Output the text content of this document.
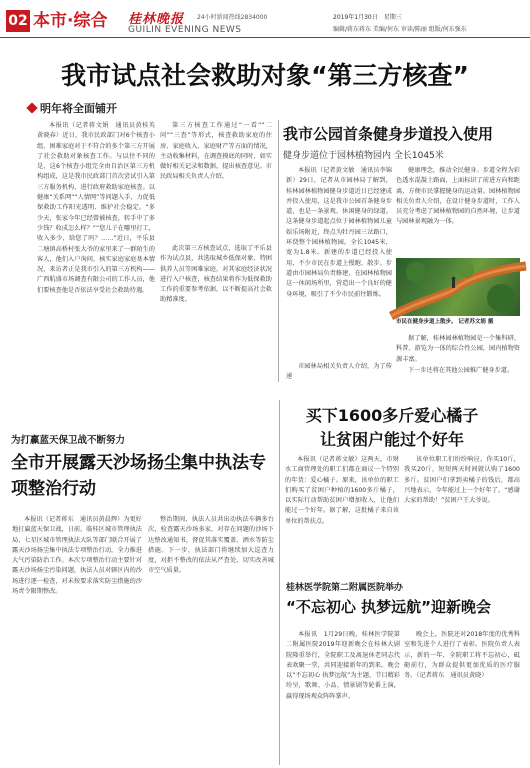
02 本市·综合 桂林晚报 24小时新闻热线2834000
GUILIN EVENING NEWS
2019年1月30日　星期三
编辑/蒋东蒋东 美编/何东 审读/陈丽 组版/何东强东
我市试点社会救助对象“第三方核查”
明年将全面铺开
本报讯（记者蒋文娟　通讯员黄桂英　黄晓春）近日，我市民政部门对6个核查小组、困难家庭对于不符合的多个第三方开展了社会救助对象核查工作。与以往不同的是，这6个核查小组完全由自治区第三方机构组成，这是我市民政部门首次尝试引入第三方服务机构，进行政府救助家庭核查。以健康“关系网”“人情网”等问题入手，力促低保救助工作阳光透明、维护社会稳定。“多少天，张家今年已经曾被核查，转手中了多少钱？收成怎么样？”“您儿子在哪里打工，收入多少，给您了吗？……”近日，平乐县二塘镇高桥村张大爷的家里来了一群陌生的客人，他们入户询问、核实家庭家庭基本情况，来访者正是我市引入的第三方机构——广西航盛市场调查有限公司的工作人员，他们要核查他是否依法享受社会救助待遇。
第三方核查工作通过“一看”“二问”“三查”等形式，核查救助家庭的住房、家庭收入、家庭财产等方面的情况，主动收集材料，在调查摸底的同时，如实做好相关记录和数据，提出核查意见。市民政局相关负责人介绍，
此次第三方核查试点，选取了平乐县作为试点县，共选取城乡低保对象、特困供养人员等困难家庭，对其家庭经济状况进行入户核查，核查结果将作为低保救助工作的重要参考依据，以不断提高社会救助精准度。
我市公园首条健身步道投入使用
健身步道位于园林植物园内 全长1045米
本报讯（记者黄文敏　通讯员李锦新）29日，记者从市园林局了解到，桂林园林植物园健身步道近日已经建成并投入使用，这是我市公园首条健身步道，也是一条景观、休闲健身的绿道。这条健身步道起点位于园林植物园儿童娱乐场附近，终点为牡丹园三岔路口，环绕整个园林植物园，全长1045米，宽为1.8米。新建的步道已经投入使用，不少市民在步道上慢跑、散步。步道由市园林局负责修建，在园林植物园这一休闲场所里，营造出一个良好的健身环境，吸引了不少市民前往锻炼。
健康理念，推动全民健身。步道全程为彩色透水混凝土路面，上面标识了前进方向和距离，方便市民掌握健身的运动量。园林植物园相关负责人介绍，在设计健身步道时，工作人员充分考虑了园林植物园的自然环境，让步道与园林景观融为一体。
市民在健身步道上散步。 记者苏文娟 摄
据了解，桂林园林植物园是一个集科研、科普、游览为一体的综合性公园，园内植物资源丰富。
市园林局相关负责人介绍，为了传递
下一步还将在其他公园推广健身步道。
买下1600多斤爱心橘子 让贫困户能过个好年
本报讯（记者蒋文敏）这两天，市财水工商管理处的职工们都在商议一个特别的年货：爱心橘子。原来，该单位的职工们购买了贫困户种植的1600多斤橘子，以实际行动帮助贫困户增加收入，让他们能过一个好年。据了解，这批橘子来自该单位的帮扶点。
该单位职工们纷纷响应，你买10斤，我买20斤，短短两天时间就认购了1600多斤。贫困户们拿到卖橘子的钱后，都高兴地表示，今年能过上一个好年了。“感谢大家的帮助！”贫困户王大爷说。
为打赢蓝天保卫战不断努力
全市开展露天沙场扬尘集中执法专项整治行动
本报讯（记者蒋东　通讯员黄晨辉）为更好地打赢蓝天保卫战，日前，临桂区城市管理执法局、七星区城市管理执法大队等部门联合开展了露天沙场扬尘集中执法专项整治行动，全力推进大气污染防治工作。本次专项整治行动主要针对露天沙场扬尘污染问题，执法人员对辖区内的沙场进行逐一检查，对未按要求落实防尘措施的沙场责令限期整改。
整治期间，执法人员共出动执法车辆多台次，检查露天沙场多家，对存在问题的沙场下达整改通知书，督促其落实覆盖、洒水等防尘措施。下一步，执法部门将继续加大巡查力度，对拒不整改的依法从严查处，切实改善城市空气质量。
桂林医学院第二附属医院举办
“不忘初心 执梦远航”迎新晚会
本报讯　1月29日晚，桂林医学院第二附属医院2019年迎新晚会在桂林大剧院隆重举行，全院职工及离退休老同志代表欢聚一堂，共同迎接新年的到来。晚会以“不忘初心 执梦远航”为主题，节目精彩纷呈，歌舞、小品、情景剧等轮番上演，赢得现场观众阵阵掌声。
晚会上，医院还对2018年度的优秀科室和先进个人进行了表彰。医院负责人表示，新的一年，全院职工将不忘初心，砥砺前行，为群众提供更加优质的医疗服务。（记者蒋东　通讯员黄晓）
